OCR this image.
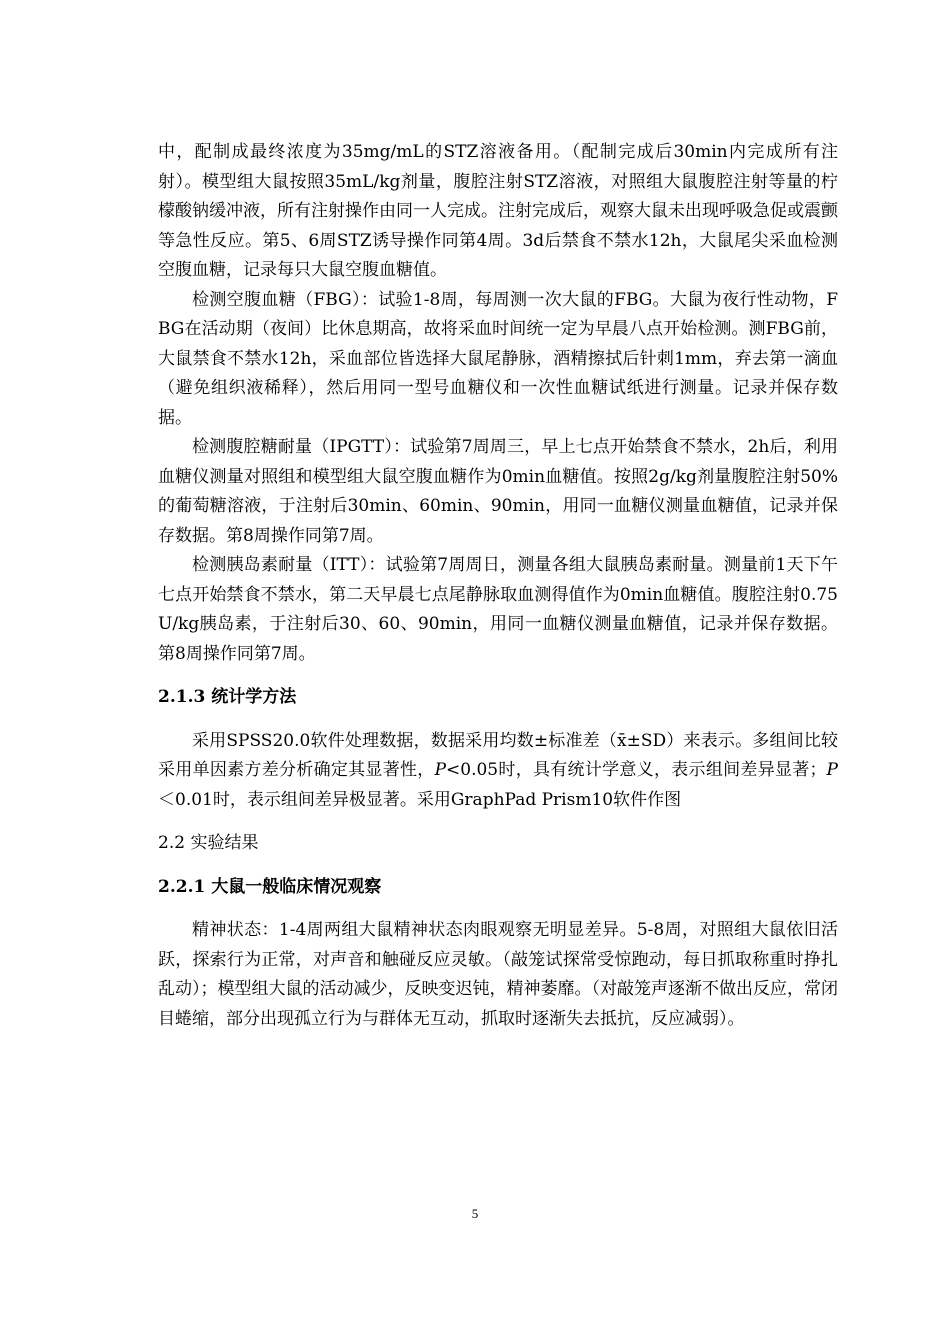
中，配制成最终浓度为35mg/mL的STZ溶液备用。（配制完成后30min内完成所有注射）。模型组大鼠按照35mL/kg剂量，腹腔注射STZ溶液，对照组大鼠腹腔注射等量的柠檬酸钠缓冲液，所有注射操作由同一人完成。注射完成后，观察大鼠未出现呼吸急促或震颤等急性反应。第5、6周STZ诱导操作同第4周。3d后禁食不禁水12h，大鼠尾尖采血检测空腹血糖，记录每只大鼠空腹血糖值。

检测空腹血糖（FBG）：试验1-8周，每周测一次大鼠的FBG。大鼠为夜行性动物，FBG在活动期（夜间）比休息期高，故将采血时间统一定为早晨八点开始检测。测FBG前，大鼠禁食不禁水12h，采血部位皆选择大鼠尾静脉，酒精擦拭后针刺1mm，弃去第一滴血（避免组织液稀释），然后用同一型号血糖仪和一次性血糖试纸进行测量。记录并保存数据。

检测腹腔糖耐量（IPGTT）：试验第7周周三，早上七点开始禁食不禁水，2h后，利用血糖仪测量对照组和模型组大鼠空腹血糖作为0min血糖值。按照2g/kg剂量腹腔注射50%的葡萄糖溶液，于注射后30min、60min、90min，用同一血糖仪测量血糖值，记录并保存数据。第8周操作同第7周。

检测胰岛素耐量（ITT）：试验第7周周日，测量各组大鼠胰岛素耐量。测量前1天下午七点开始禁食不禁水，第二天早晨七点尾静脉取血测得值作为0min血糖值。腹腔注射0.75 U/kg胰岛素，于注射后30、60、90min，用同一血糖仪测量血糖值，记录并保存数据。第8周操作同第7周。

2.1.3 统计学方法

采用SPSS20.0软件处理数据，数据采用均数±标准差（x̄±SD）来表示。多组间比较采用单因素方差分析确定其显著性，P<0.05时，具有统计学意义，表示组间差异显著；P＜0.01时，表示组间差异极显著。采用GraphPad Prism10软件作图

2.2 实验结果
2.2.1 大鼠一般临床情况观察

精神状态：1-4周两组大鼠精神状态肉眼观察无明显差异。5-8周，对照组大鼠依旧活跃，探索行为正常，对声音和触碰反应灵敏。（敲笼试探常受惊跑动，每日抓取称重时挣扎乱动）；模型组大鼠的活动减少，反映变迟钝，精神萎靡。（对敲笼声逐渐不做出反应，常闭目蜷缩，部分出现孤立行为与群体无互动，抓取时逐渐失去抵抗，反应减弱）。

5
